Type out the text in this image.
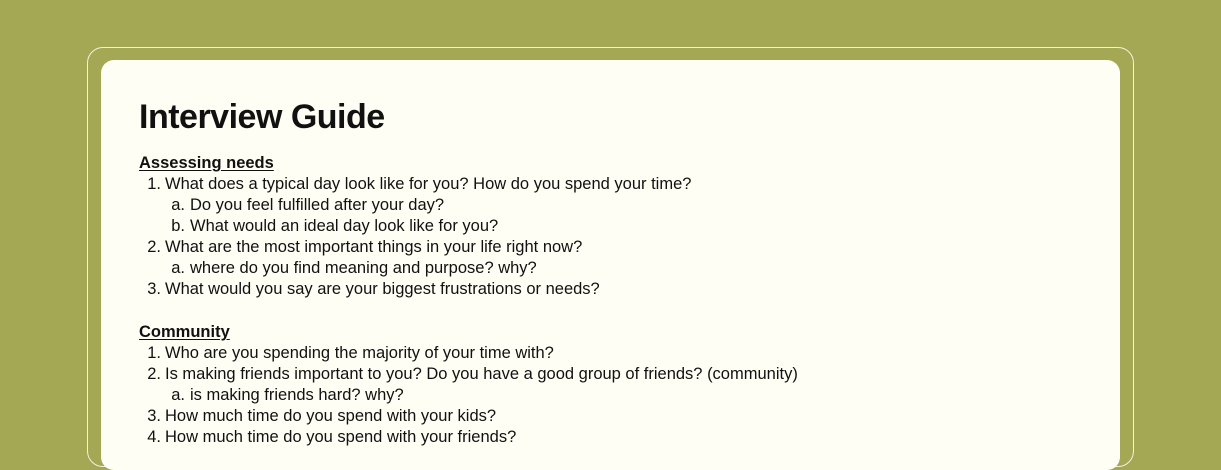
Interview Guide
Assessing needs
1. What does a typical day look like for you? How do you spend your time?
a. Do you feel fulfilled after your day?
b. What would an ideal day look like for you?
2. What are the most important things in your life right now?
a. where do you find meaning and purpose? why?
3. What would you say are your biggest frustrations or needs?
Community
1. Who are you spending the majority of your time with?
2. Is making friends important to you? Do you have a good group of friends? (community)
a. is making friends hard? why?
3. How much time do you spend with your kids?
4. How much time do you spend with your friends?
